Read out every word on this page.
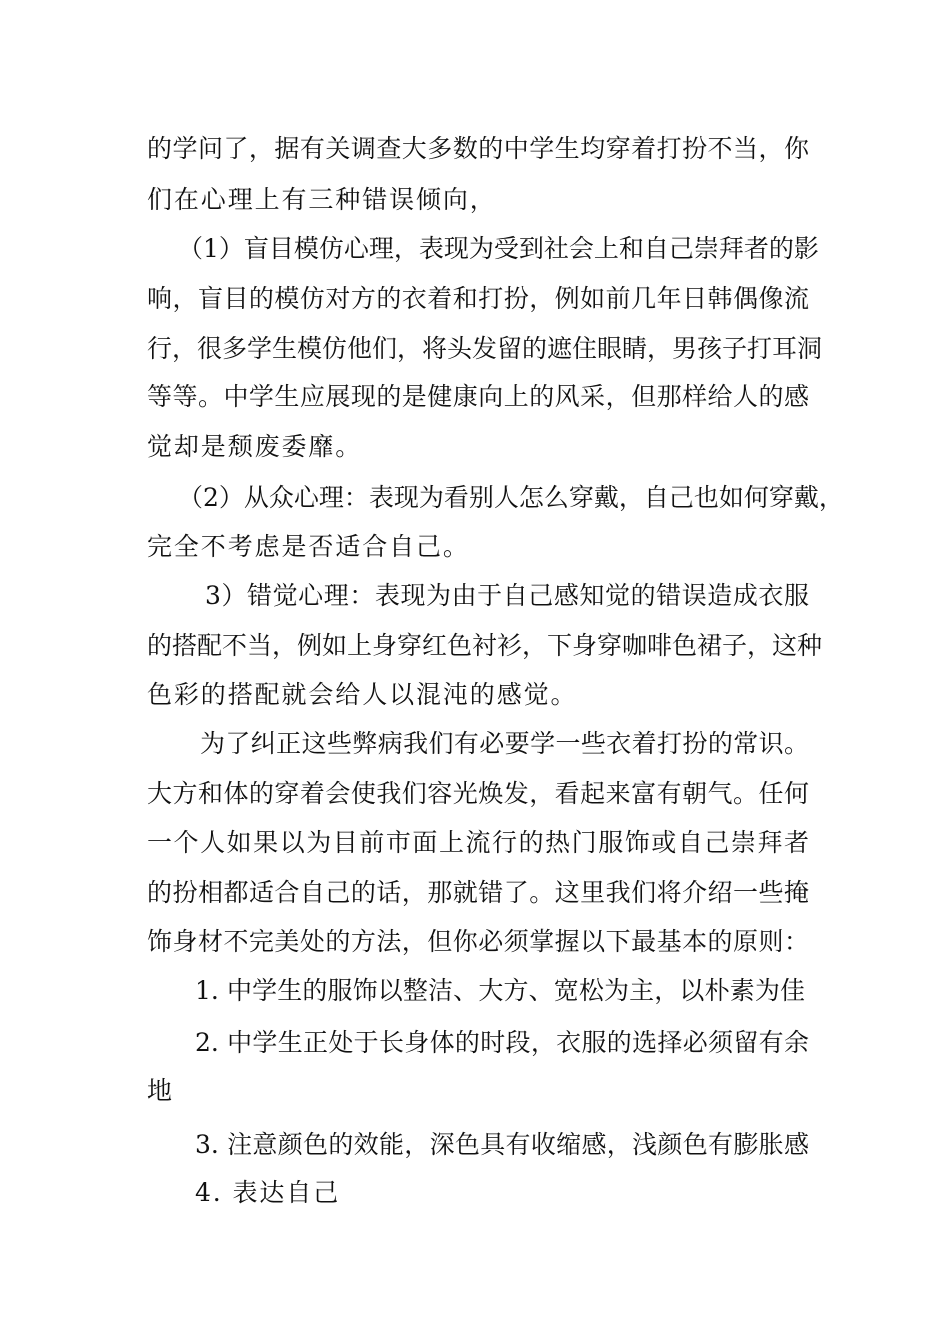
的学问了，据有关调查大多数的中学生均穿着打扮不当，你
们在心理上有三种错误倾向，
（1）盲目模仿心理，表现为受到社会上和自己崇拜者的影
响，盲目的模仿对方的衣着和打扮，例如前几年日韩偶像流
行，很多学生模仿他们，将头发留的遮住眼睛，男孩子打耳洞
等等。中学生应展现的是健康向上的风采，但那样给人的感
觉却是颓废委靡。
（2）从众心理：表现为看别人怎么穿戴，自己也如何穿戴，
完全不考虑是否适合自己。
3）错觉心理：表现为由于自己感知觉的错误造成衣服
的搭配不当，例如上身穿红色衬衫，下身穿咖啡色裙子，这种
色彩的搭配就会给人以混沌的感觉。
为了纠正这些弊病我们有必要学一些衣着打扮的常识。
大方和体的穿着会使我们容光焕发，看起来富有朝气。任何
一个人如果以为目前市面上流行的热门服饰或自己崇拜者
的扮相都适合自己的话，那就错了。这里我们将介绍一些掩
饰身材不完美处的方法，但你必须掌握以下最基本的原则：
1. 中学生的服饰以整洁、大方、宽松为主，以朴素为佳
2. 中学生正处于长身体的时段，衣服的选择必须留有余
地
3. 注意颜色的效能，深色具有收缩感，浅颜色有膨胀感
4. 表达自己
